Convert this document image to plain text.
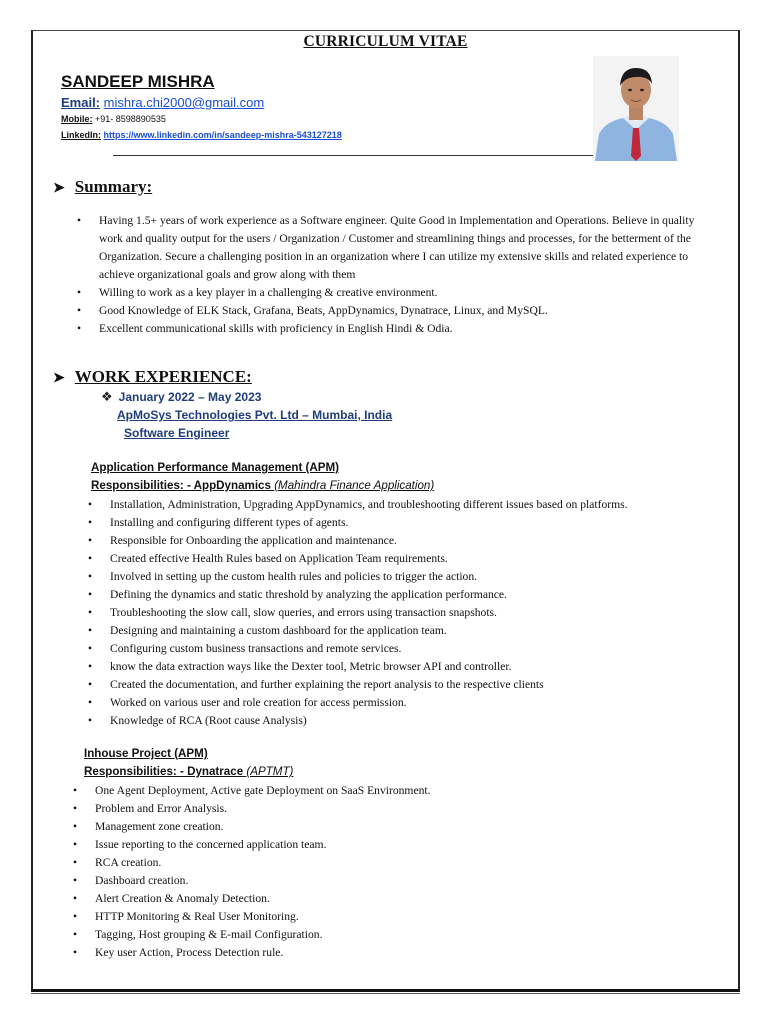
CURRICULUM VITAE
SANDEEP MISHRA
Email: mishra.chi2000@gmail.com
Mobile: +91- 8598890535
LinkedIn: https://www.linkedin.com/in/sandeep-mishra-543127218
➤ Summary:
• Having 1.5+ years of work experience as a Software engineer. Quite Good in Implementation and Operations. Believe in quality work and quality output for the users / Organization / Customer and streamlining things and processes, for the betterment of the Organization. Secure a challenging position in an organization where I can utilize my extensive skills and related experience to achieve organizational goals and grow along with them
• Willing to work as a key player in a challenging & creative environment.
• Good Knowledge of ELK Stack, Grafana, Beats, AppDynamics, Dynatrace, Linux, and MySQL.
• Excellent communicational skills with proficiency in English Hindi & Odia.
➤ WORK EXPERIENCE:
❖ January 2022 – May 2023
ApMoSys Technologies Pvt. Ltd – Mumbai, India
Software Engineer
Application Performance Management (APM)
Responsibilities: - AppDynamics (Mahindra Finance Application)
• Installation, Administration, Upgrading AppDynamics, and troubleshooting different issues based on platforms.
• Installing and configuring different types of agents.
• Responsible for Onboarding the application and maintenance.
• Created effective Health Rules based on Application Team requirements.
• Involved in setting up the custom health rules and policies to trigger the action.
• Defining the dynamics and static threshold by analyzing the application performance.
• Troubleshooting the slow call, slow queries, and errors using transaction snapshots.
• Designing and maintaining a custom dashboard for the application team.
• Configuring custom business transactions and remote services.
• know the data extraction ways like the Dexter tool, Metric browser API and controller.
• Created the documentation, and further explaining the report analysis to the respective clients
• Worked on various user and role creation for access permission.
• Knowledge of RCA (Root cause Analysis)
Inhouse Project (APM)
Responsibilities: - Dynatrace (APTMT)
• One Agent Deployment, Active gate Deployment on SaaS Environment.
• Problem and Error Analysis.
• Management zone creation.
• Issue reporting to the concerned application team.
• RCA creation.
• Dashboard creation.
• Alert Creation & Anomaly Detection.
• HTTP Monitoring & Real User Monitoring.
• Tagging, Host grouping & E-mail Configuration.
• Key user Action, Process Detection rule.
